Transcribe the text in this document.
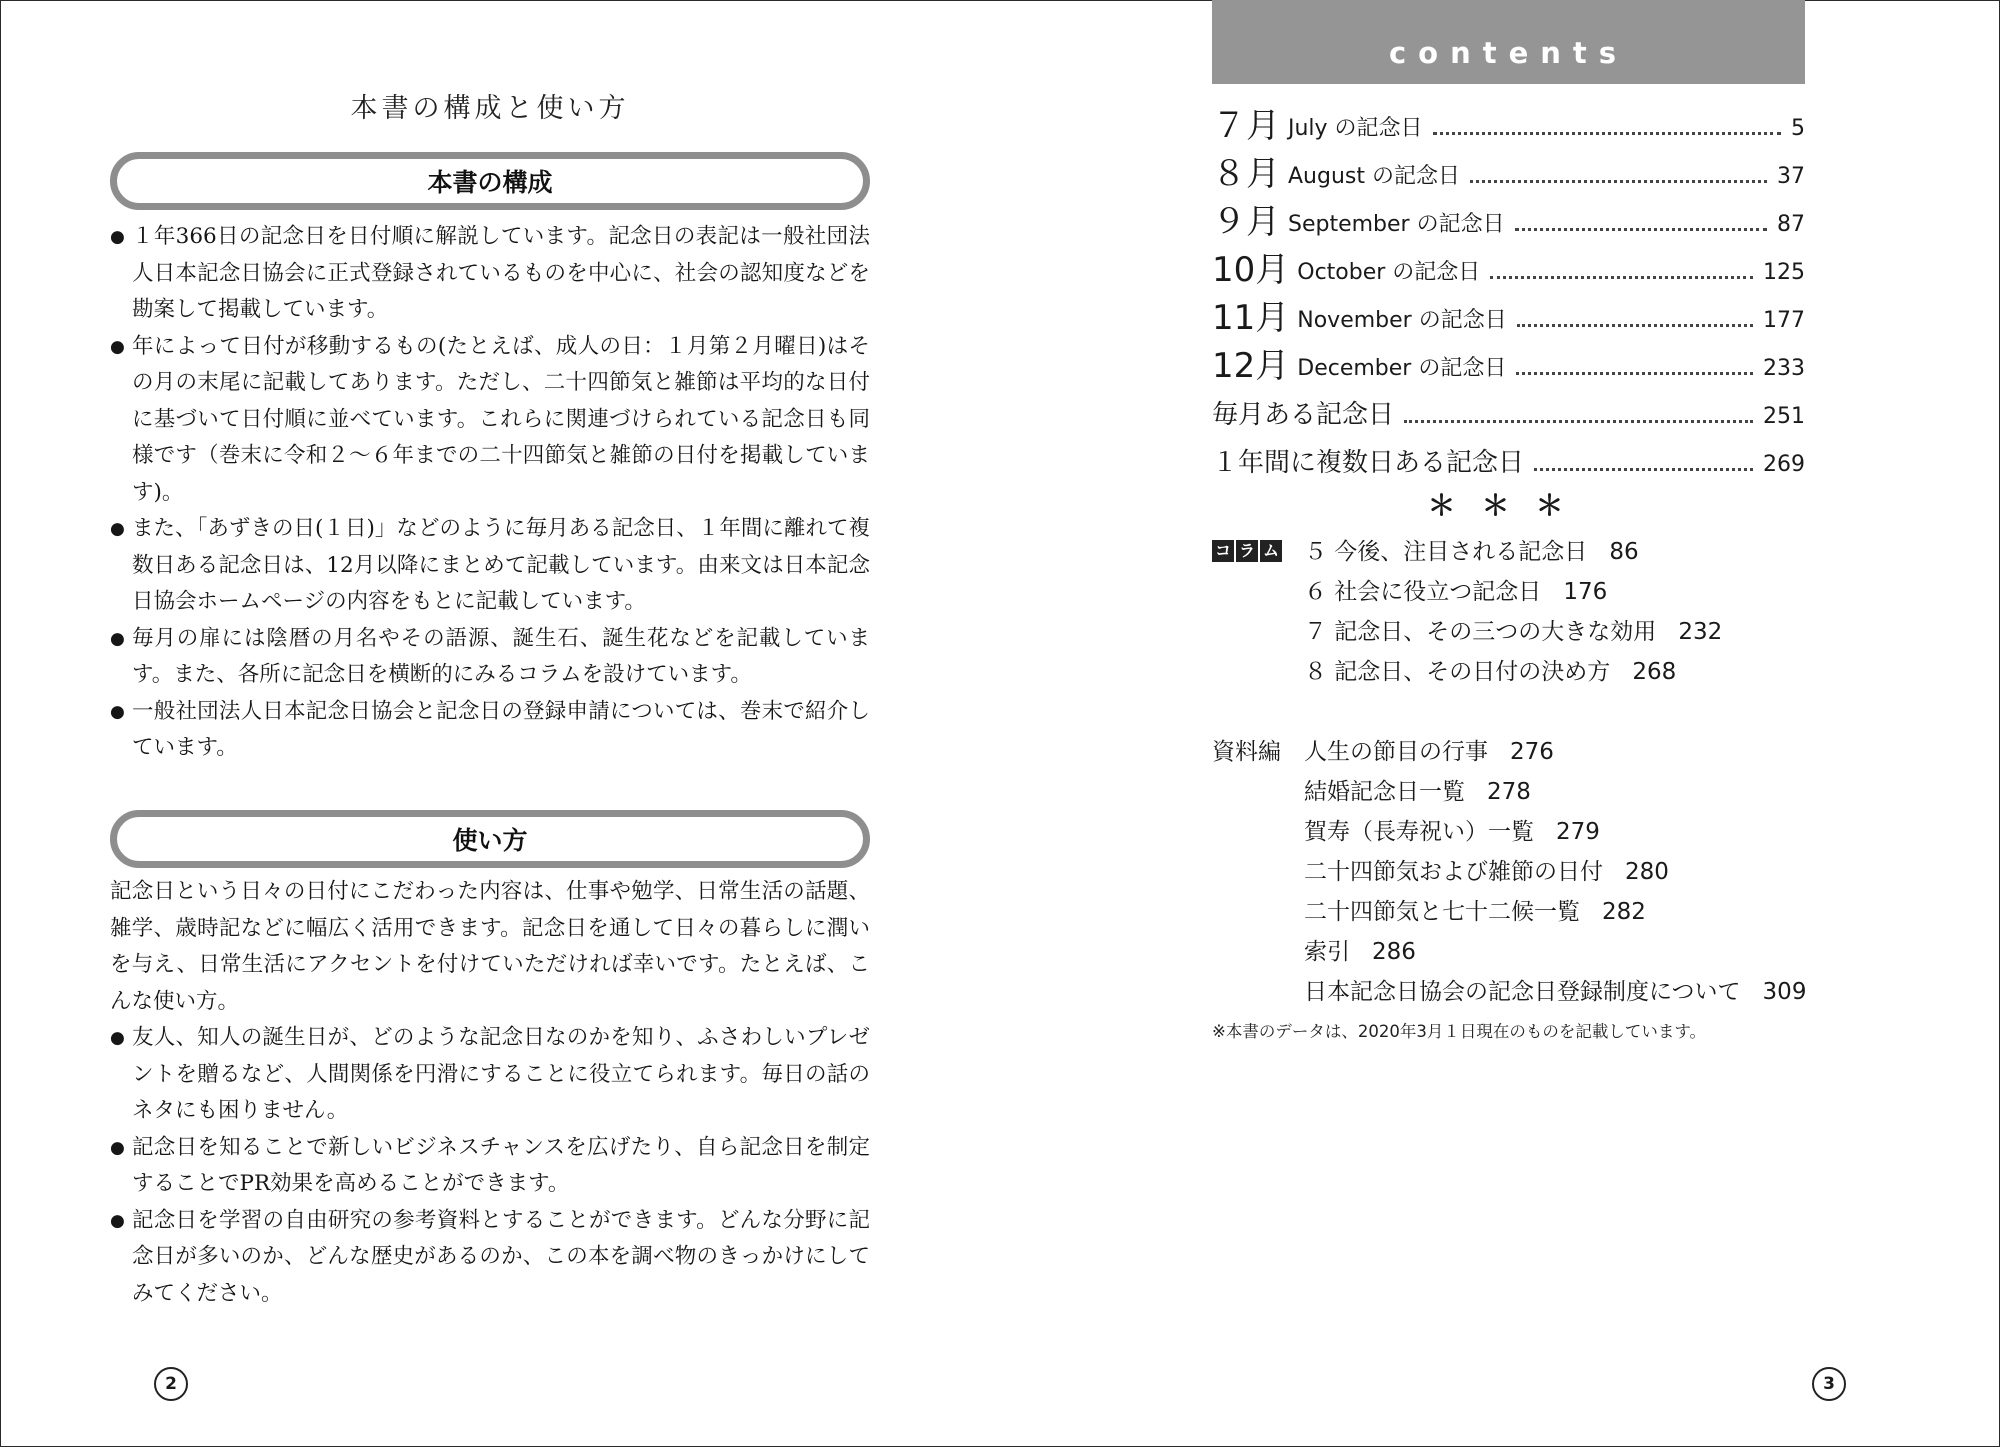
本書の構成と使い方
本書の構成
● １年366日の記念日を日付順に解説しています。記念日の表記は一般社団法人日本記念日協会に正式登録されているものを中心に、社会の認知度などを勘案して掲載しています。
● 年によって日付が移動するもの(たとえば、成人の日：１月第２月曜日)はその月の末尾に記載してあります。ただし、二十四節気と雑節は平均的な日付に基づいて日付順に並べています。これらに関連づけられている記念日も同様です（巻末に令和２～６年までの二十四節気と雑節の日付を掲載しています)。
● また、「あずきの日(１日)」などのように毎月ある記念日、１年間に離れて複数日ある記念日は、12月以降にまとめて記載しています。由来文は日本記念日協会ホームページの内容をもとに記載しています。
● 毎月の扉には陰暦の月名やその語源、誕生石、誕生花などを記載しています。また、各所に記念日を横断的にみるコラムを設けています。
● 一般社団法人日本記念日協会と記念日の登録申請については、巻末で紹介しています。
使い方
記念日という日々の日付にこだわった内容は、仕事や勉学、日常生活の話題、雑学、歳時記などに幅広く活用できます。記念日を通して日々の暮らしに潤いを与え、日常生活にアクセントを付けていただければ幸いです。たとえば、こんな使い方。
● 友人、知人の誕生日が、どのような記念日なのかを知り、ふさわしいプレゼントを贈るなど、人間関係を円滑にすることに役立てられます。毎日の話のネタにも困りません。
● 記念日を知ることで新しいビジネスチャンスを広げたり、自ら記念日を制定することでPR効果を高めることができます。
● 記念日を学習の自由研究の参考資料とすることができます。どんな分野に記念日が多いのか、どんな歴史があるのか、この本を調べ物のきっかけにしてみてください。
2
contents
７月 July の記念日	5
８月 August の記念日	37
９月 September の記念日	87
10月 October の記念日	125
11月 November の記念日	177
12月 December の記念日	233
毎月ある記念日	251
１年間に複数日ある記念日	269
＊＊＊
コ ラ ム ５ 今後、注目される記念日 86
６ 社会に役立つ記念日 176
７ 記念日、その三つの大きな効用 232
８ 記念日、その日付の決め方 268
資料編 人生の節目の行事 276
結婚記念日一覧 278
賀寿（長寿祝い）一覧 279
二十四節気および雑節の日付 280
二十四節気と七十二候一覧 282
索引 286
日本記念日協会の記念日登録制度について 309
※本書のデータは、2020年3月１日現在のものを記載しています。
3
